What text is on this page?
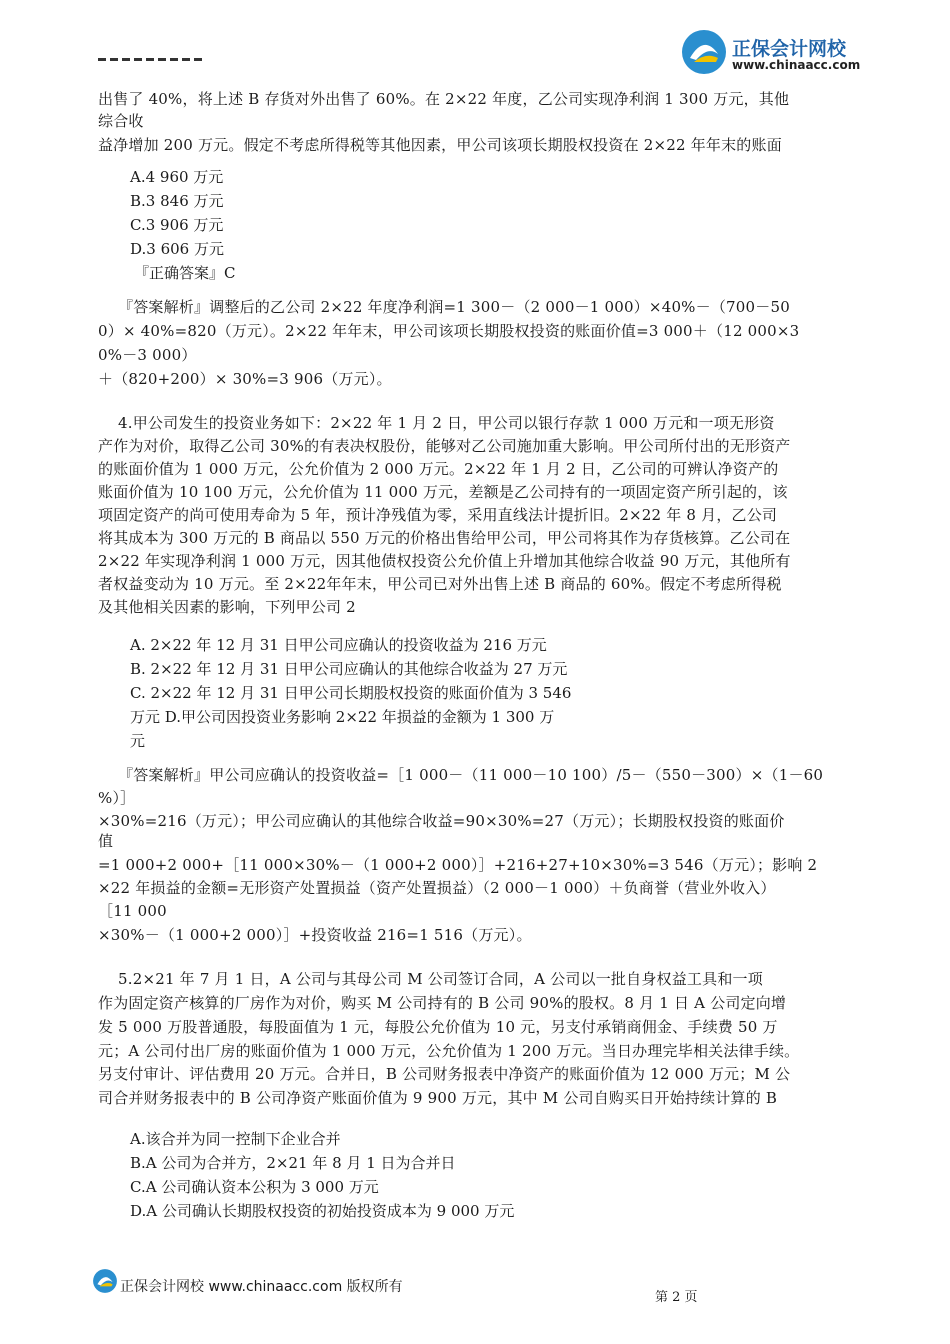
正保会计网校
www.chinaacc.com
出售了 40%，将上述 B 存货对外出售了 60%。在 2×22 年度，乙公司实现净利润 1 300 万元，其他
综合收
益净增加 200 万元。假定不考虑所得税等其他因素，甲公司该项长期股权投资在 2×22 年年末的账面
A.4 960 万元
B.3 846 万元
C.3 906 万元
D.3 606 万元
『正确答案』C
『答案解析』调整后的乙公司 2×22 年度净利润=1 300－（2 000－1 000）×40%－（700－50
0）× 40%=820（万元）。2×22 年年末，甲公司该项长期股权投资的账面价值=3 000＋（12 000×3
0%－3 000）
＋（820+200）× 30%=3 906（万元）。
4.甲公司发生的投资业务如下：2×22 年 1 月 2 日，甲公司以银行存款 1 000 万元和一项无形资
产作为对价，取得乙公司 30%的有表决权股份，能够对乙公司施加重大影响。甲公司所付出的无形资产
的账面价值为 1 000 万元，公允价值为 2 000 万元。2×22 年 1 月 2 日，乙公司的可辨认净资产的
账面价值为 10 100 万元，公允价值为 11 000 万元，差额是乙公司持有的一项固定资产所引起的，该
项固定资产的尚可使用寿命为 5 年，预计净残值为零，采用直线法计提折旧。2×22 年 8 月，乙公司
将其成本为 300 万元的 B 商品以 550 万元的价格出售给甲公司，甲公司将其作为存货核算。乙公司在
2×22 年实现净利润 1 000 万元，因其他债权投资公允价值上升增加其他综合收益 90 万元，其他所有
者权益变动为 10 万元。至 2×22年年末，甲公司已对外出售上述 B 商品的 60%。假定不考虑所得税
及其他相关因素的影响，下列甲公司 2
A. 2×22 年 12 月 31 日甲公司应确认的投资收益为 216 万元
B. 2×22 年 12 月 31 日甲公司应确认的其他综合收益为 27 万元
C. 2×22 年 12 月 31 日甲公司长期股权投资的账面价值为 3 546
万元 D.甲公司因投资业务影响 2×22 年损益的金额为 1 300 万
元
『答案解析』甲公司应确认的投资收益=［1 000－（11 000－10 100）/5－（550－300）×（1－60
%）］
×30%=216（万元）；甲公司应确认的其他综合收益=90×30%=27（万元）；长期股权投资的账面价
值
=1 000+2 000+［11 000×30%－（1 000+2 000）］+216+27+10×30%=3 546（万元）；影响 2
×22 年损益的金额=无形资产处置损益（资产处置损益）（2 000－1 000）＋负商誉（营业外收入）
［11 000
×30%－（1 000+2 000）］+投资收益 216=1 516（万元）。
5.2×21 年 7 月 1 日，A 公司与其母公司 M 公司签订合同，A 公司以一批自身权益工具和一项
作为固定资产核算的厂房作为对价，购买 M 公司持有的 B 公司 90%的股权。8 月 1 日 A 公司定向增
发 5 000 万股普通股，每股面值为 1 元，每股公允价值为 10 元，另支付承销商佣金、手续费 50 万
元；A 公司付出厂房的账面价值为 1 000 万元，公允价值为 1 200 万元。当日办理完毕相关法律手续。
另支付审计、评估费用 20 万元。合并日，B 公司财务报表中净资产的账面价值为 12 000 万元；M 公
司合并财务报表中的 B 公司净资产账面价值为 9 900 万元，其中 M 公司自购买日开始持续计算的 B
A.该合并为同一控制下企业合并
B.A 公司为合并方，2×21 年 8 月 1 日为合并日
C.A 公司确认资本公积为 3 000 万元
D.A 公司确认长期股权投资的初始投资成本为 9 000 万元
正保会计网校 www.chinaacc.com 版权所有
第 2 页
